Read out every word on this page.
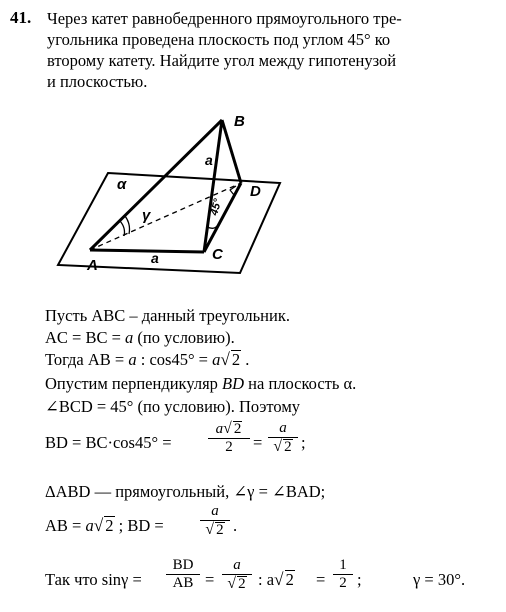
41. Через катет равнобедренного прямоугольного тре-
угольника проведена плоскость под углом 45° ко
второму катету. Найдите угол между гипотенузой
и плоскостью.
B
D
A
C
α
γ
a
a
45°
Пусть ABC – данный треугольник.
AC = BC = a (по условию).
Тогда AB = a : cos45° = a√ 2 .
Опустим перпендикуляр BD на плоскость α.
∠BCD = 45° (по условию). Поэтому
BD = BC·cos45° =
a√ 2
2	=
a
√ 2 ;
ΔABD — прямоугольный, ∠γ = ∠BAD;
AB = a√ 2 ; BD =
a
√ 2 .
Так что sinγ =
BD
AB =
a
√ 2 : a√ 2 =
1
2 ;	γ = 30°.
